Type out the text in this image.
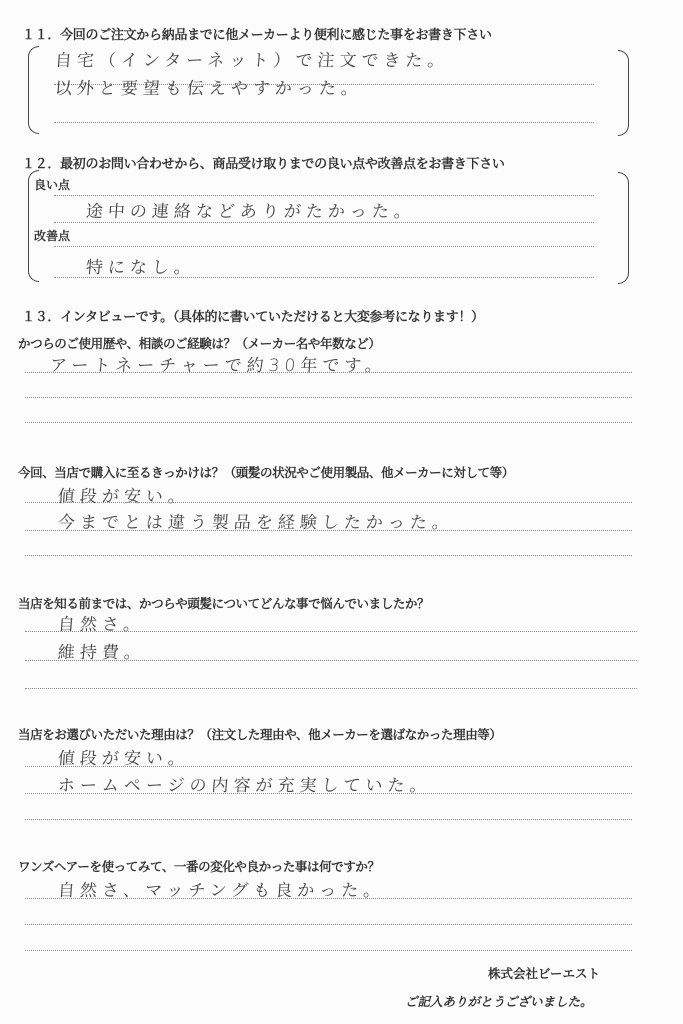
１１．今回のご注文から納品までに他メーカーより便利に感じた事をお書き下さい
自宅（インターネット）で注文できた。
以外と要望も伝えやすかった。
１２．最初のお問い合わせから、商品受け取りまでの良い点や改善点をお書き下さい
良い点
途中の連絡などありがたかった。
改善点
特になし。
１３．インタビューです。（具体的に書いていただけると大変参考になります！）
かつらのご使用歴や、相談のご経験は？（メーカー名や年数など）
アートネーチャーで約30年です。
今回、当店で購入に至るきっかけは？（頭髪の状況やご使用製品、他メーカーに対して等）
値段が安い。
今までとは違う製品を経験したかった。
当店を知る前までは、かつらや頭髪についてどんな事で悩んでいましたか？
自然さ。
維持費。
当店をお選びいただいた理由は？（注文した理由や、他メーカーを選ばなかった理由等）
値段が安い。
ホームページの内容が充実していた。
ワンズヘアーを使ってみて、一番の変化や良かった事は何ですか？
自然さ、マッチングも良かった。
株式会社ビーエスト
ご記入ありがとうございました。
